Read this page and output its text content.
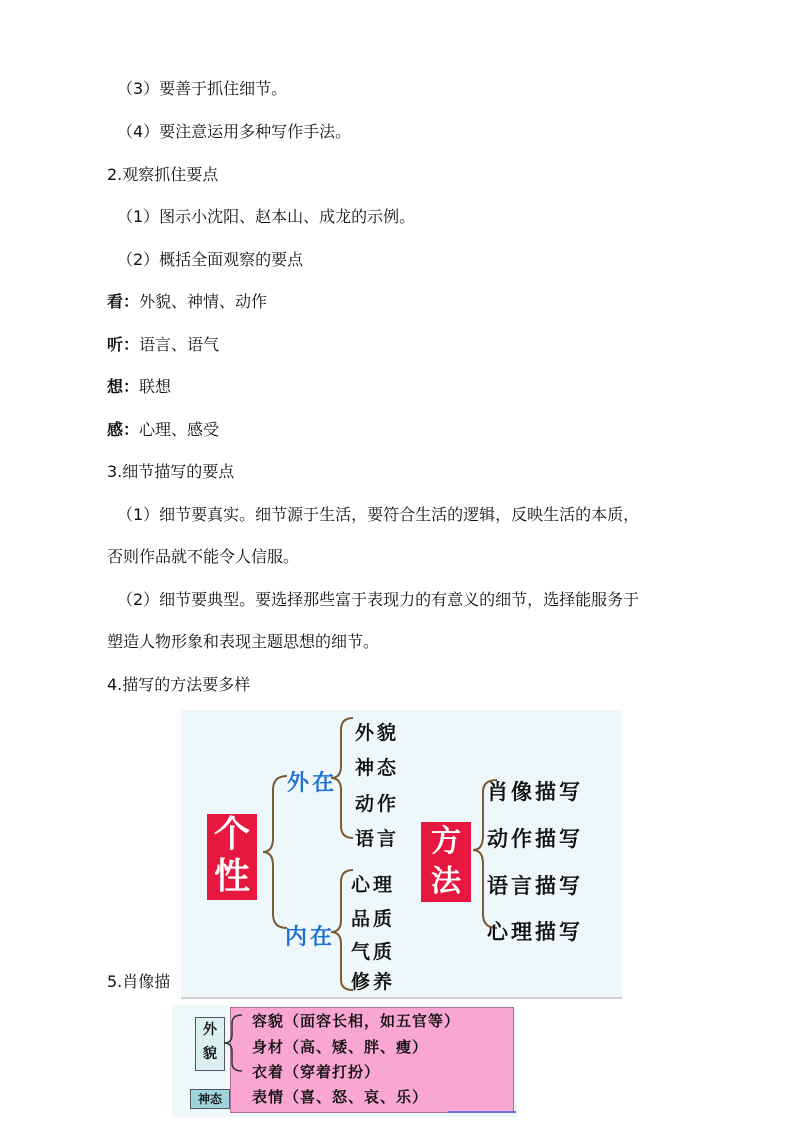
（3）要善于抓住细节。
（4）要注意运用多种写作手法。
2.观察抓住要点
（1）图示小沈阳、赵本山、成龙的示例。
（2）概括全面观察的要点
看：外貌、神情、动作
听：语言、语气
想：联想
感：心理、感受
3.细节描写的要点
（1）细节要真实。细节源于生活，要符合生活的逻辑，反映生活的本质，
否则作品就不能令人信服。
（2）细节要典型。要选择那些富于表现力的有意义的细节，选择能服务于
塑造人物形象和表现主题思想的细节。
4.描写的方法要多样
5.肖像描
个
性
外在
内在
外貌
神态
动作
语言
心理
品质
气质
修养
方
法
肖像描写
动作描写
语言描写
心理描写
外
貌
神态
容貌（面容长相，如五官等）
身材（高、矮、胖、瘦）
衣着（穿着打扮）
表情（喜、怒、哀、乐）
